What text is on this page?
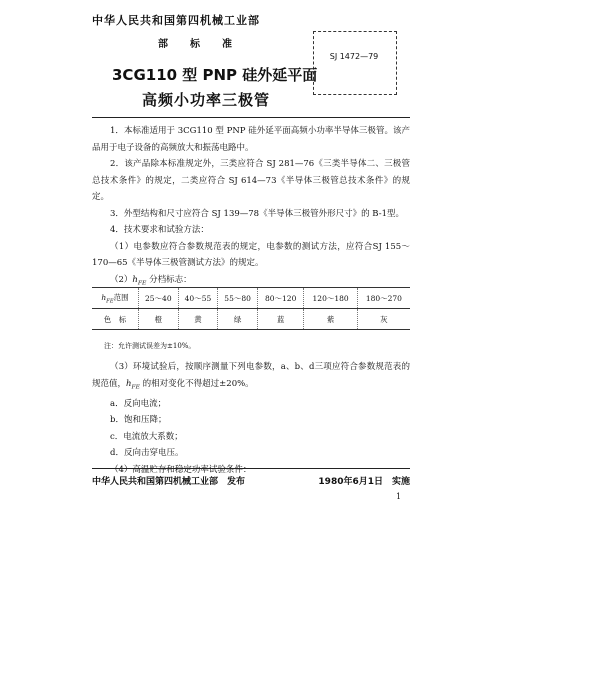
中华人民共和国第四机械工业部
部标准
SJ 1472—79
3CG110 型 PNP 硅外延平面
高频小功率三极管

1．本标准适用于 3CG110 型 PNP 硅外延平面高频小功率半导体三极管。该产品用于电子设备的高频放大和振荡电路中。

2．该产品除本标准规定外，三类应符合 SJ 281—76《三类半导体二、三极管总技术条件》的规定，二类应符合 SJ 614—73《半导体三极管总技术条件》的规定。

3．外型结构和尺寸应符合 SJ 139—78《半导体三极管外形尺寸》的 B-1型。

4．技术要求和试验方法：

（1）电参数应符合参数规范表的规定，电参数的测试方法，应符合SJ 155～170—65《半导体三极管测试方法》的规定。

$(2)h_{FE}$ 分档标志：

$h_{FE}$范围	25～40	40～55	55～80	80～120	120～180	180～270
色　标	橙	黄	绿	蓝	紫	灰
注：允许测试误差为±10%。

（3）环境试验后，按顺序测量下列电参数，a、b、d三项应符合参数规范表的规范值，$h_{FE}$ 的相对变化不得超过±20%。

a．反向电流；

b．饱和压降；

c．电流放大系数；

d．反向击穿电压。

（4）高温贮存和稳定功率试验条件：

中华人民共和国第四机械工业部　发布	1980年6月1日　实施
1
